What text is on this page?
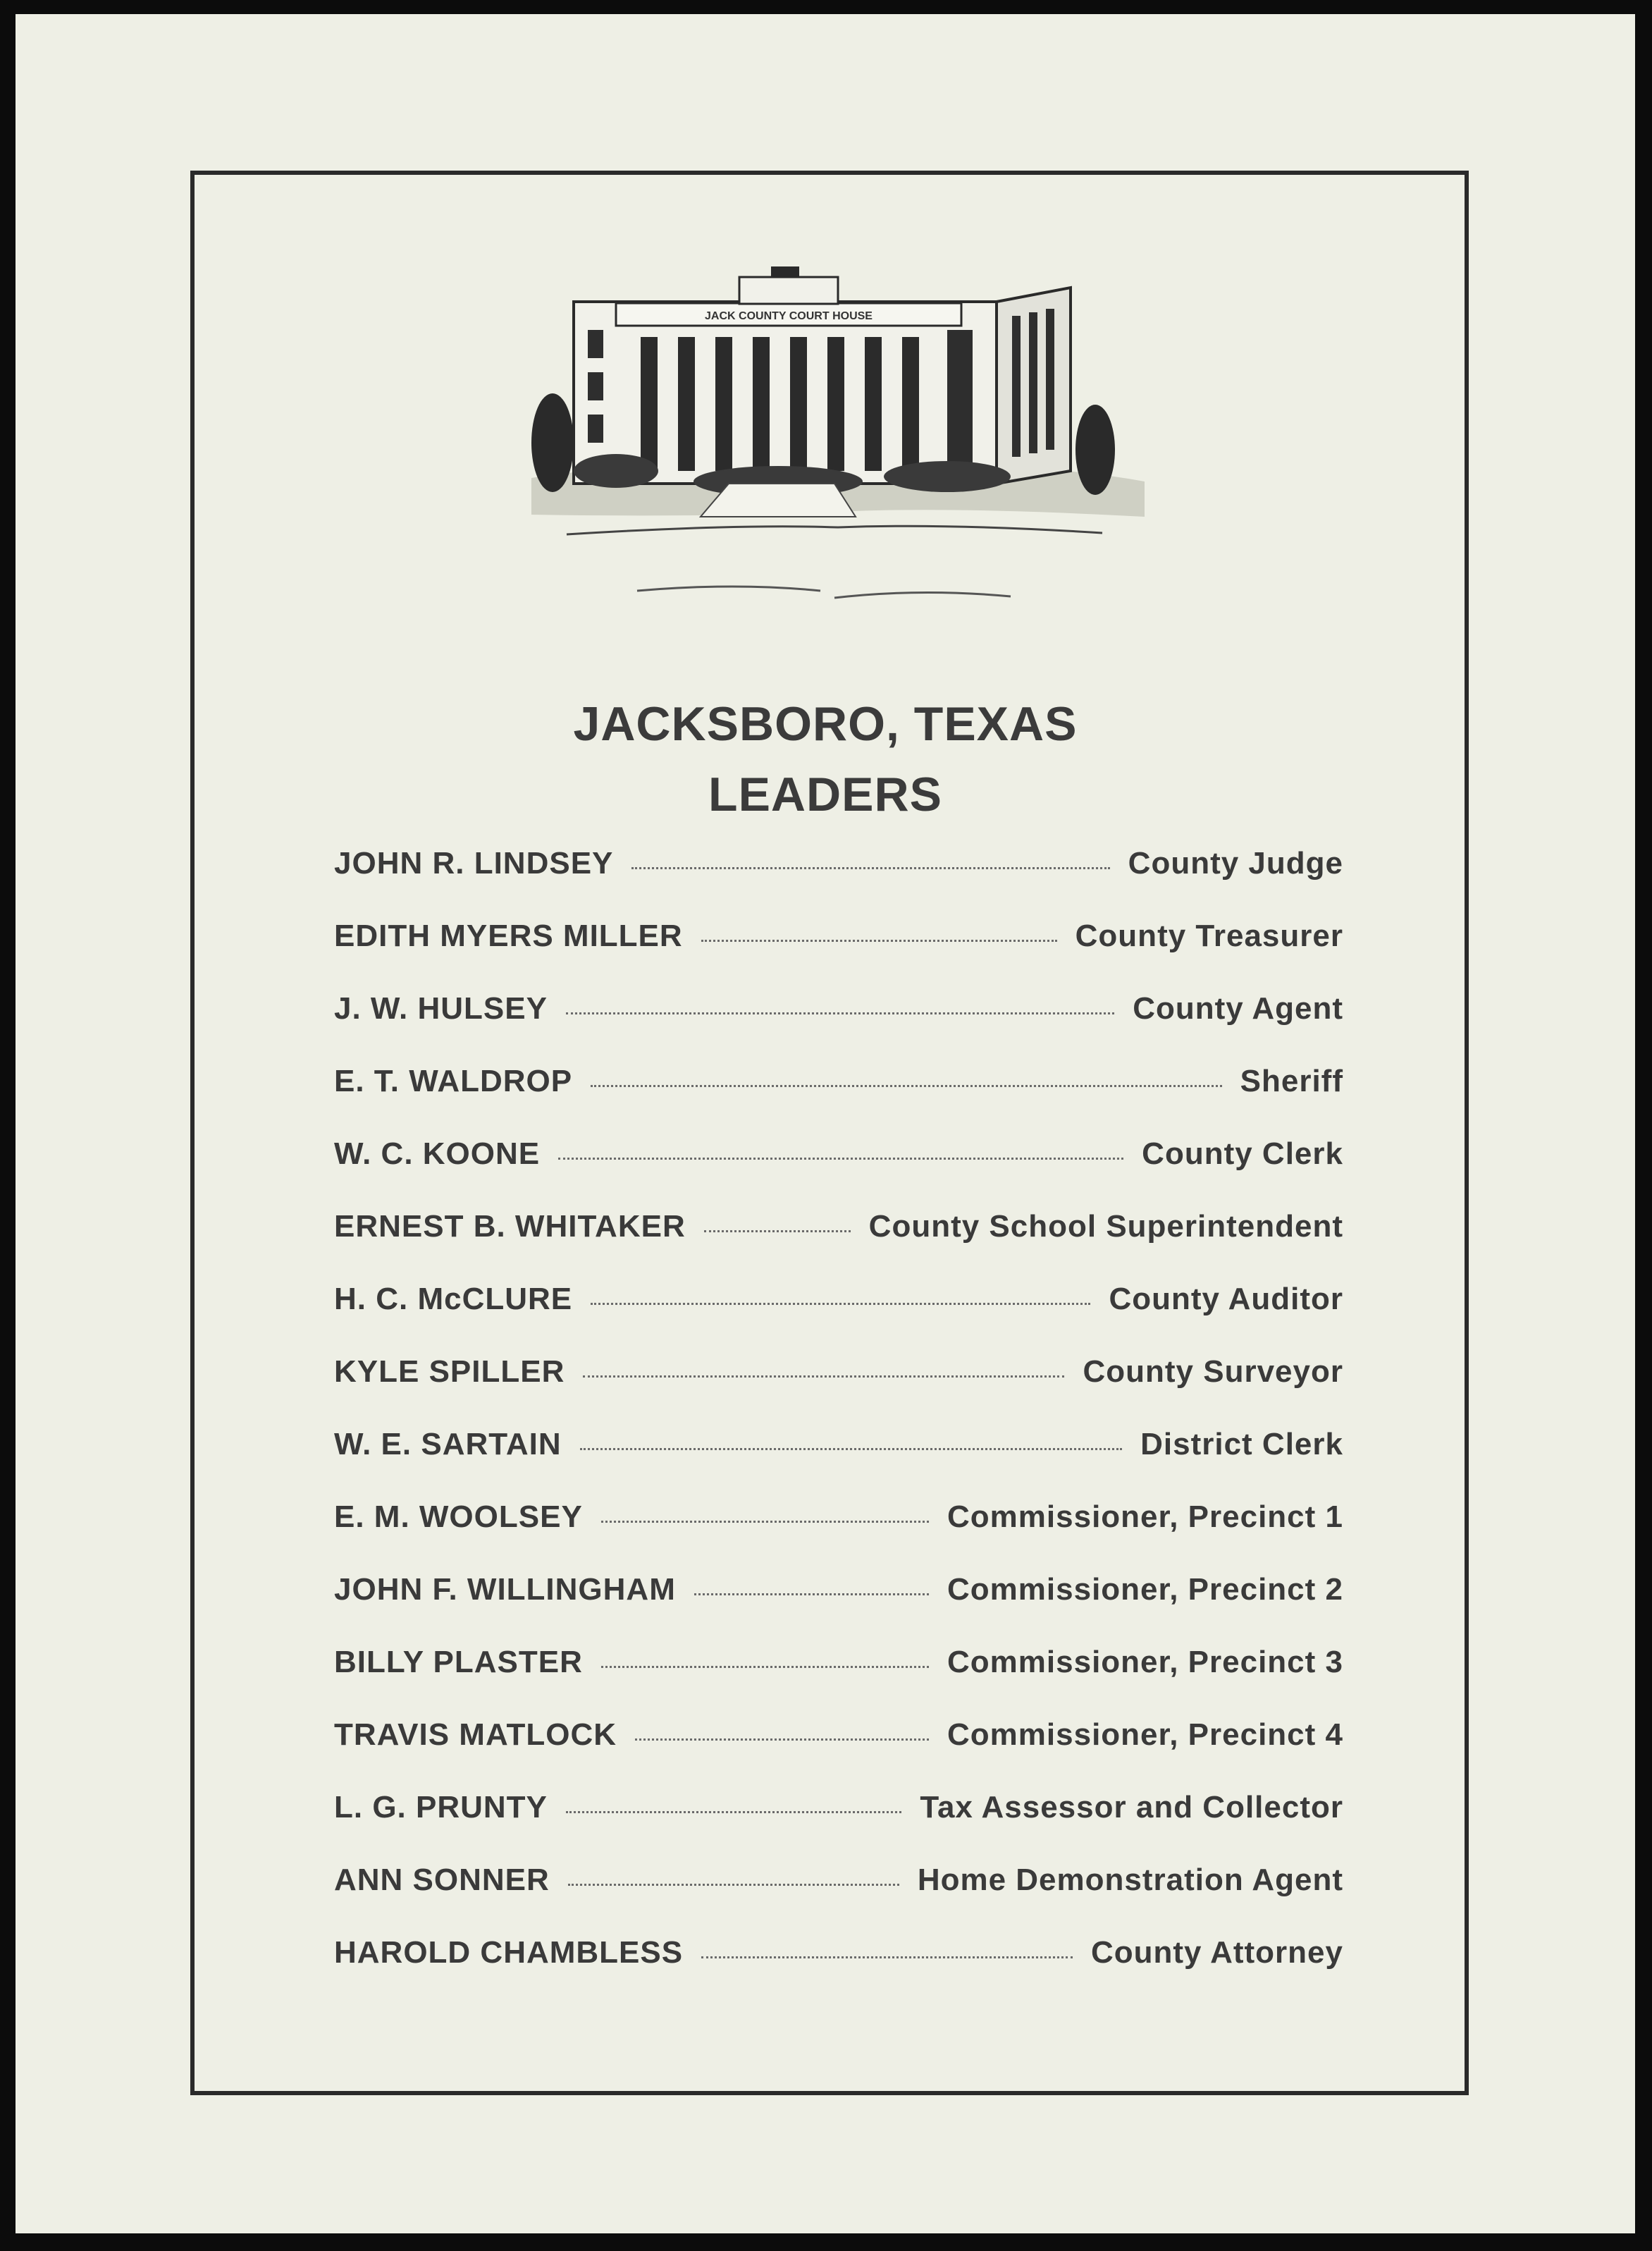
JACK COUNTY COURT HOUSE
JACKSBORO, TEXAS
LEADERS
JOHN R. LINDSEY	County Judge
EDITH MYERS MILLER	County Treasurer
J. W. HULSEY	County Agent
E. T. WALDROP	Sheriff
W. C. KOONE	County Clerk
ERNEST B. WHITAKER	County School Superintendent
H. C. McCLURE	County Auditor
KYLE SPILLER	County Surveyor
W. E. SARTAIN	District Clerk
E. M. WOOLSEY	Commissioner, Precinct 1
JOHN F. WILLINGHAM	Commissioner, Precinct 2
BILLY PLASTER	Commissioner, Precinct 3
TRAVIS MATLOCK	Commissioner, Precinct 4
L. G. PRUNTY	Tax Assessor and Collector
ANN SONNER	Home Demonstration Agent
HAROLD CHAMBLESS	County Attorney
